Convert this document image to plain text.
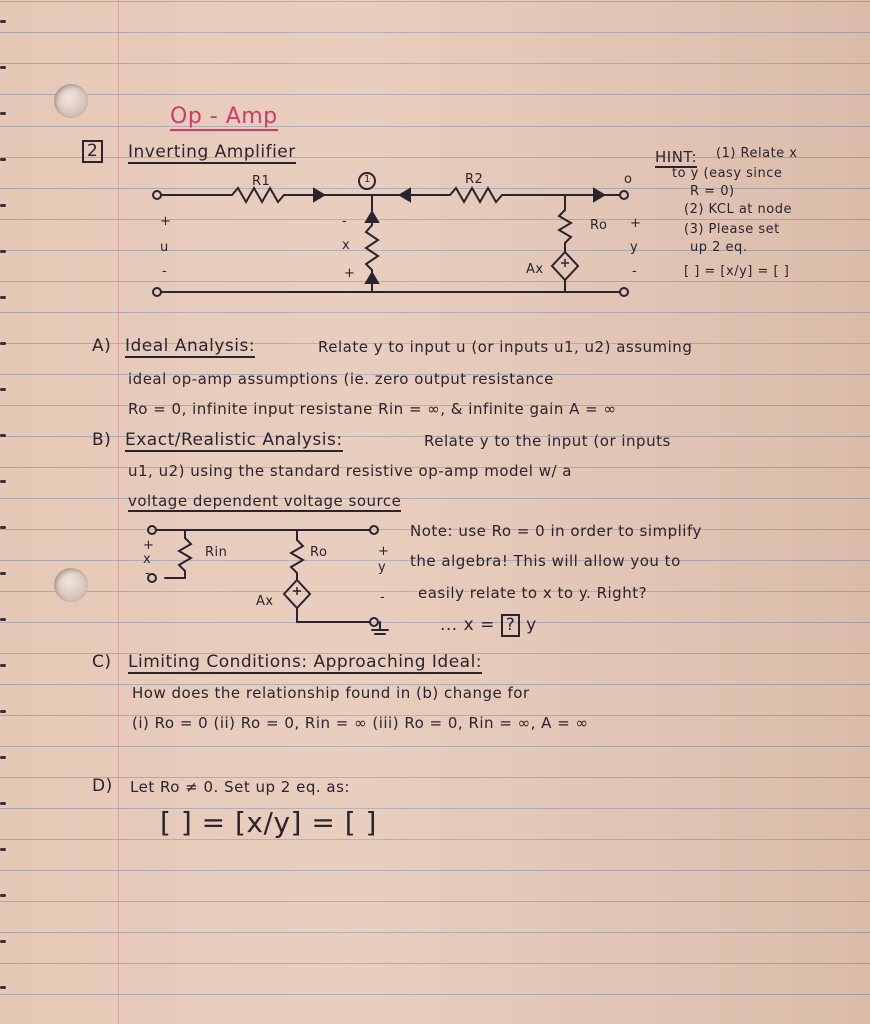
Op - Amp
2 Inverting Amplifier
R1	1	R2	o
Ro
+
u
-
-
x
+	Ax
+
y
-
HINT: (1) Relate x
to y (easy since
R = 0)
(2) KCL at node
(3) Please set
up 2 eq.
[ ] = [x/y] = [ ]
A) Ideal Analysis:	Relate y to input u (or inputs u1, u2) assuming
ideal op-amp assumptions (ie. zero output resistance
Ro = 0, infinite input resistane Rin = ∞, & infinite gain A = ∞
B) Exact/Realistic Analysis:	Relate y to the input (or inputs
u1, u2) using the standard resistive op-amp model w/ a
voltage dependent voltage source
+
x
-
Rin	Ro
Ax
+
y
-
Note: use Ro = 0 in order to simplify
the algebra! This will allow you to
easily relate to x to y. Right?
... x = ? y
C) Limiting Conditions: Approaching Ideal:
How does the relationship found in (b) change for
(i) Ro = 0 (ii) Ro = 0, Rin = ∞ (iii) Ro = 0, Rin = ∞, A = ∞
D) Let Ro ≠ 0. Set up 2 eq. as:
[ ] = [x/y] = [ ]
